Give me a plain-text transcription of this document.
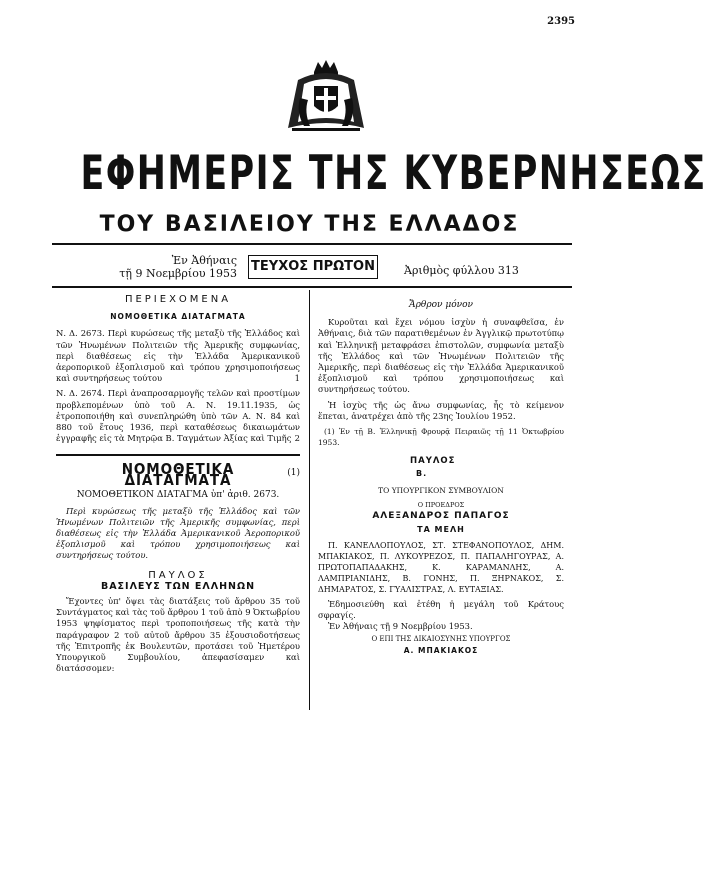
2395
ΕΦΗΜΕΡΙΣ ΤΗΣ ΚΥΒΕΡΝΗΣΕΩΣ
ΤΟΥ ΒΑΣΙΛΕΙΟΥ ΤΗΣ ΕΛΛΑΔΟΣ
Ἐν Ἀθήναις
τῇ 9 Νοεμβρίου 1953 ΤΕΥΧΟΣ ΠΡΩΤΟΝ	Ἀριθμὸς φύλλου 313
ΠΕΡΙΕΧΟΜΕΝΑ
ΝΟΜΟΘΕΤΙΚΑ ΔΙΑΤΑΓΜΑΤΑ
Ν. Δ. 2673. Περὶ κυρώσεως τῆς μεταξὺ τῆς Ἑλλάδος καὶ τῶν Ἡνωμένων Πολιτειῶν τῆς Ἀμερικῆς συμφωνίας, περὶ διαθέσεως εἰς τὴν Ἑλλάδα Ἀμερικανικοῦ ἀεροπορικοῦ ἐξοπλισμοῦ καὶ τρόπου χρησιμοποιήσεως καὶ συντηρήσεως τούτου	1
Ν. Δ. 2674. Περὶ ἀναπροσαρμογῆς τελῶν καὶ προστίμων προβλεπομένων ὑπὸ τοῦ Α. Ν. 19.11.1935, ὡς ἐτροποποιήθη καὶ συνεπληρώθη ὑπὸ τῶν Α. Ν. 84 καὶ 880 τοῦ ἔτους 1936, περὶ καταθέσεως δικαιωμάτων ἐγγραφῆς εἰς τὰ Μητρῷα Β. Ταγμάτων Ἀξίας καὶ Τιμῆς 2
ΝΟΜΟΘΕΤΙΚΑ ΔΙΑΤΑΓΜΑΤΑ	(1)
ΝΟΜΟΘΕΤΙΚΟΝ ΔΙΑΤΑΓΜΑ ὑπ' ἀριθ. 2673.

Περὶ κυρώσεως τῆς μεταξὺ τῆς Ἑλλάδος καὶ τῶν Ἡνωμένων Πολιτειῶν τῆς Ἀμερικῆς συμφωνίας, περὶ διαθέσεως εἰς τὴν Ἑλλάδα Ἀμερικανικοῦ Ἀεροπορικοῦ ἐξοπλισμοῦ καὶ τρόπου χρησιμοποιήσεως καὶ συντηρήσεως τούτου.

ΠΑΥΛΟΣ
ΒΑΣΙΛΕΥΣ ΤΩΝ ΕΛΛΗΝΩΝ

Ἔχοντες ὑπ' ὄψει τὰς διατάξεις τοῦ ἄρθρου 35 τοῦ Συντάγματος καὶ τὰς τοῦ ἄρθρου 1 τοῦ ἀπὸ 9 Ὀκτωβρίου 1953 ψηφίσματος περὶ τροποποιήσεως τῆς κατὰ τὴν παράγραφον 2 τοῦ αὐτοῦ ἄρθρου 35 ἐξουσιοδοτήσεως τῆς Ἐπιτροπῆς ἐκ Βουλευτῶν, προτάσει τοῦ Ἡμετέρου Υπουργικοῦ Συμβουλίου, ἀπεφασίσαμεν καὶ διατάσσομεν:

Ἄρθρον μόνον

Κυροῦται καὶ ἔχει νόμου ἰσχὺν ἡ συναφθεῖσα, ἐν Ἀθήναις, διὰ τῶν παρατιθεμένων ἐν Ἀγγλικῷ πρωτοτύπῳ καὶ Ἑλληνικῇ μεταφράσει ἐπιστολῶν, συμφωνία μεταξὺ τῆς Ἑλλάδος καὶ τῶν Ἡνωμένων Πολιτειῶν τῆς Ἀμερικῆς, περὶ διαθέσεως εἰς τὴν Ἑλλάδα Ἀμερικανικοῦ ἐξοπλισμοῦ καὶ τρόπου χρησιμοποιήσεως καὶ συντηρήσεως τούτου.

Ἡ ἰσχὺς τῆς ὡς ἄνω συμφωνίας, ἧς τὸ κείμενον ἕπεται, ἀνατρέχει ἀπὸ τῆς 23ης Ἰουλίου 1952.

(1) Ἐν τῇ Β. Ἑλληνικῇ Φρουρᾷ Πειραιῶς τῇ 11 Ὀκτωβρίου 1953.

ΠΑΥΛΟΣ
Β.
ΤΟ ΥΠΟΥΡΓΙΚΟΝ ΣΥΜΒΟΥΛΙΟΝ
Ο ΠΡΟΕΔΡΟΣ
ΑΛΕΞΑΝΔΡΟΣ ΠΑΠΑΓΟΣ
ΤΑ ΜΕΛΗ

Π. ΚΑΝΕΛΛΟΠΟΥΛΟΣ, ΣΤ. ΣΤΕΦΑΝΟΠΟΥΛΟΣ, ΔΗΜ. ΜΠΑΚΙΑΚΟΣ, Π. ΛΥΚΟΥΡΕΖΟΣ, Π. ΠΑΠΑΛΗΓΟΥΡΑΣ, Α. ΠΡΩΤΟΠΑΠΑΔΑΚΗΣ, Κ. ΚΑΡΑΜΑΝΛΗΣ, Α. ΛΑΜΠΡΙΑΝΙΔΗΣ, Β. ΓΟΝΗΣ, Π. ΞΗΡΝΑΚΟΣ, Σ. ΔΗΜΑΡΑΤΟΣ, Σ. ΓΥΑΛΙΣΤΡΑΣ, Λ. ΕΥΤΑΞΙΑΣ.

Ἐδημοσιεύθη καὶ ἐτέθη ἡ μεγάλη τοῦ Κράτους σφραγίς.

Ἐν Ἀθήναις τῇ 9 Νοεμβρίου 1953.

Ο ΕΠΙ ΤΗΣ ΔΙΚΑΙΟΣΥΝΗΣ ΥΠΟΥΡΓΟΣ
Α. ΜΠΑΚΙΑΚΟΣ
